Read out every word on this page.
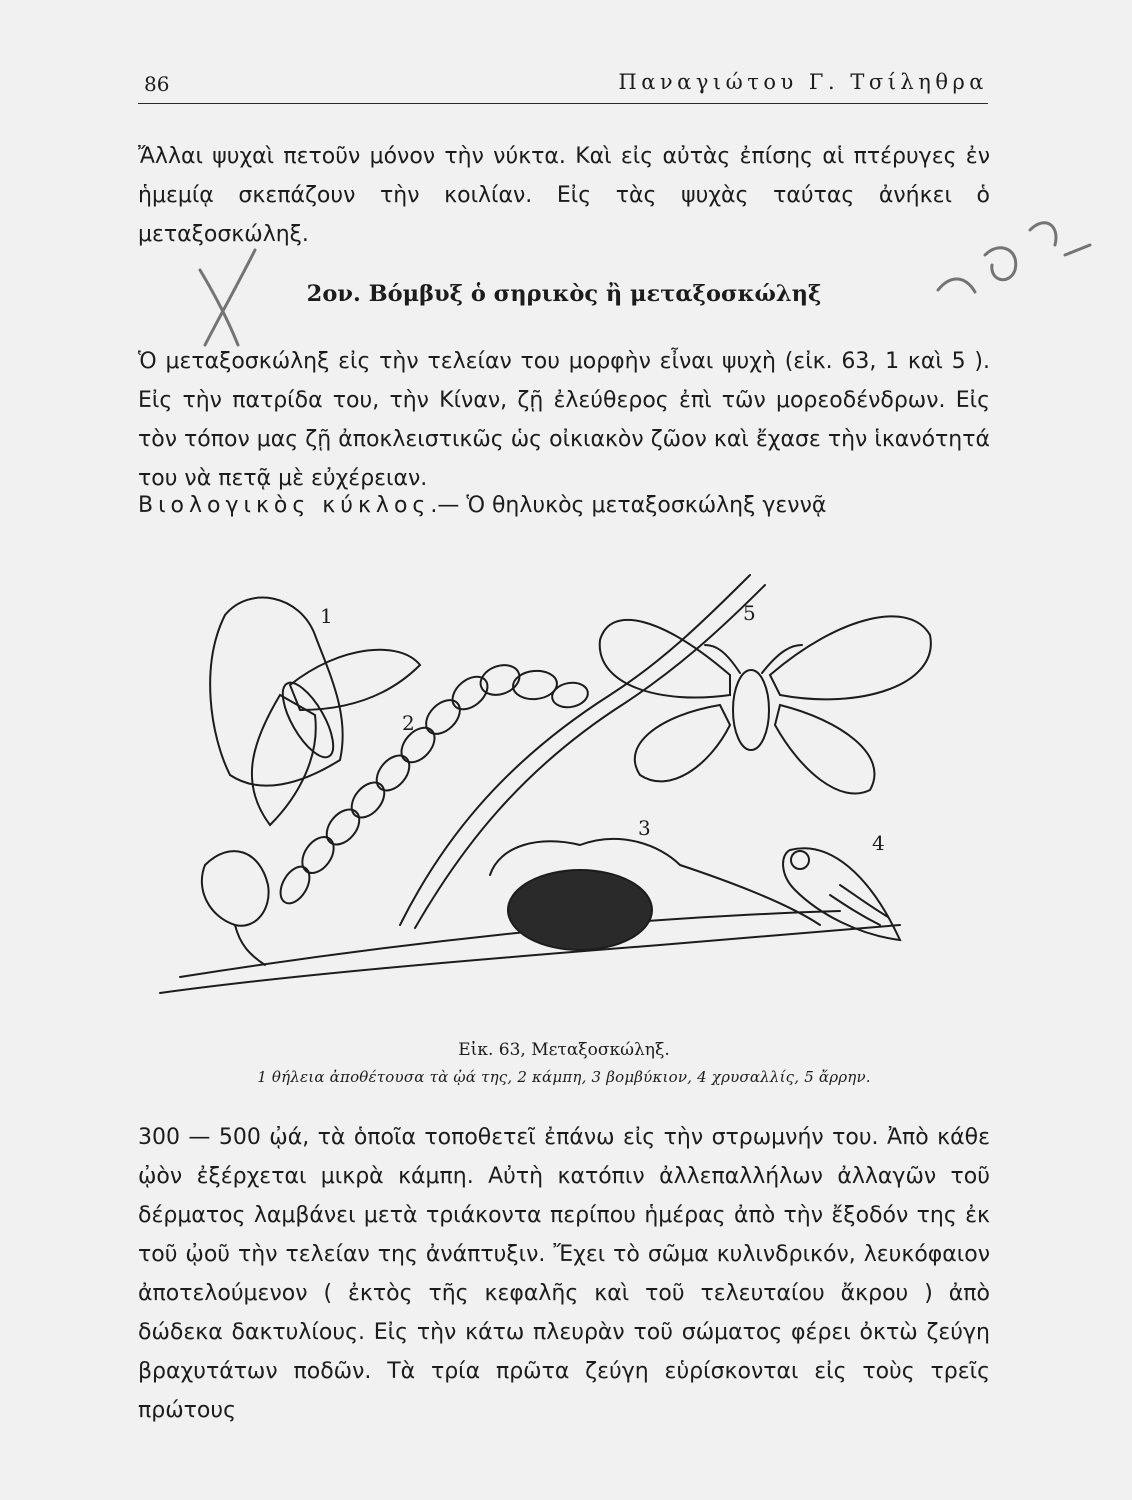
86	Παναγιώτου Γ. Τσίληθρα

Ἄλλαι ψυχαὶ πετοῦν μόνον τὴν νύκτα. Καὶ εἰς αὐτὰς ἐπίσης αἱ πτέρυγες ἐν ἡμεμίᾳ σκεπάζουν τὴν κοιλίαν. Εἰς τὰς ψυχὰς ταύτας ἀνήκει ὁ μεταξοσκώληξ.

2ον. Βόμβυξ ὁ σηρικὸς ἢ μεταξοσκώληξ

Ὁ μεταξοσκώληξ εἰς τὴν τελείαν του μορφὴν εἶναι ψυχὴ (εἰκ. 63, 1 καὶ 5 ). Εἰς τὴν πατρίδα του, τὴν Κίναν, ζῇ ἐλεύθερος ἐπὶ τῶν μορεοδένδρων. Εἰς τὸν τόπον μας ζῇ ἀποκλειστικῶς ὡς οἰκιακὸν ζῶον καὶ ἔχασε τὴν ἱκανότητά του νὰ πετᾷ μὲ εὐχέρειαν.

Βιολογικὸς κύκλος.— Ὁ θηλυκὸς μεταξοσκώληξ γεννᾷ

1
2
3
4
5
Εἰκ. 63, Μεταξοσκώληξ.
1 θήλεια ἀποθέτουσα τὰ ᾠά της, 2 κάμπη, 3 βομβύκιον, 4 χρυσαλλίς, 5 ἄρρην.

300 — 500 ᾠά, τὰ ὁποῖα τοποθετεῖ ἐπάνω εἰς τὴν στρωμνήν του. Ἀπὸ κάθε ᾠὸν ἐξέρχεται μικρὰ κάμπη. Αὐτὴ κατόπιν ἀλλεπαλλήλων ἀλλαγῶν τοῦ δέρματος λαμβάνει μετὰ τριάκοντα περίπου ἡμέρας ἀπὸ τὴν ἔξοδόν της ἐκ τοῦ ᾠοῦ τὴν τελείαν της ἀνάπτυξιν. Ἔχει τὸ σῶμα κυλινδρικόν, λευκόφαιον ἀποτελούμενον ( ἐκτὸς τῆς κεφαλῆς καὶ τοῦ τελευταίου ἄκρου ) ἀπὸ δώδεκα δακτυλίους. Εἰς τὴν κάτω πλευρὰν τοῦ σώματος φέρει ὀκτὼ ζεύγη βραχυτάτων ποδῶν. Τὰ τρία πρῶτα ζεύγη εὑρίσκονται εἰς τοὺς τρεῖς πρώτους
